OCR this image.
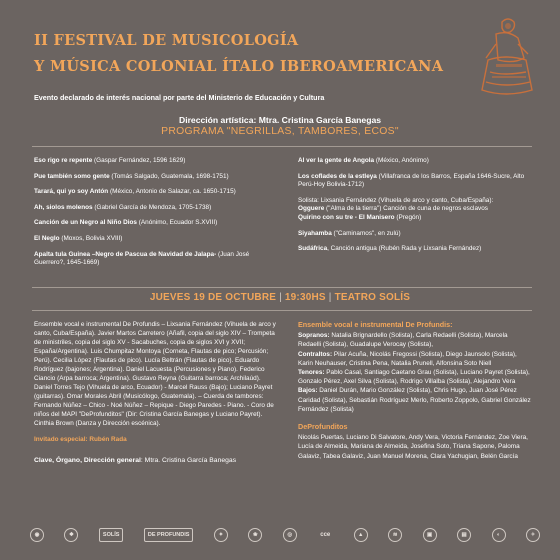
II FESTIVAL DE MUSICOLOGÍA
Y MÚSICA COLONIAL ÍTALO IBEROAMERICANA
Evento declarado de interés nacional por parte del Ministerio de Educación y Cultura
Dirección artística: Mtra. Cristina García Banegas
PROGRAMA "NEGRILLAS, TAMBORES, ECOS"
Eso rigo re repente (Gaspar Fernández, 1596 1629)
Pue también somo gente (Tomás Salgado, Guatemala, 1698-1751)
Tarará, qui yo soy Antón (México, Antonio de Salazar, ca. 1650-1715)
Ah, siolos molenos (Gabriel García de Mendoza, 1705-1738)
Canción de un Negro al Niño Dios (Anónimo, Ecuador S.XVIII)
El Neglo (Moxos, Bolivia XVIII)
Apalta tula Guinea –Negro de Pascua de Navidad de Jalapa- (Juan José Guerrero?, 1645-1669)
Al ver la gente de Angola (México, Anónimo)
Los coflades de la estleya (Villafranca de los Barros, España 1646-Sucre, Alto Perú-Hoy Bolivia-1712)
Solista: Lixsania Fernández (Vihuela de arco y canto, Cuba/España):
Ogguere ("Alma de la tierra") Canción de cuna de negros esclavos
Quirino con su tre - El Manisero (Pregón)
Siyahamba ("Caminamos", en zulú)
Sudáfrica, Canción antigua (Rubén Rada y Lixsania Fernández)
JUEVES 19 DE OCTUBRE | 19:30HS | TEATRO SOLÍS
Ensemble vocal e instrumental De Profundis – Lixsania Fernández (Vihuela de arco y canto, Cuba/España). Javier Martos Carretero (Añafil, copia del siglo XIV – Trompeta de ministriles, copia del siglo XV - Sacabuches, copia de siglos XVI y XVII; España/Argentina). Luis Chumpitaz Montoya (Corneta, Flautas de pico; Percusión; Perú). Cecilia López (Flautas de pico). Lucía Beltrán (Flautas de pico). Eduardo Rodríguez (bajones; Argentina). Daniel Lacuesta (Percusiones y Piano). Federico Ciancio (Arpa barroca; Argentina). Gustavo Reyna (Guitarra barroca; Archilaúd). Daniel Torres Tejo (Vihuela de arco, Ecuador) - Marcel Rauss (Bajo); Luciano Payret (guitarras). Omar Morales Abril (Musicólogo, Guatemala). – Cuerda de tambores: Fernando Núñez – Chico - Noé Núñez – Repique - Diego Paredes - Piano. - Coro de niños del MAPI "DeProfunditos" (Dir: Cristina García Banegas y Luciano Payret). Cinthia Brown (Danza y Dirección escénica).
Invitado especial: Rubén Rada
Clave, Órgano, Dirección general: Mtra. Cristina García Banegas
Ensemble vocal e instrumental De Profundis:
Sopranos: Natalia Brignardello (Solista), Carla Redaelli (Solista), Marcela Redaelli (Solista), Guadalupe Verocay (Solista),
Contraltos: Pilar Acuña, Nicolás Fregossi (Solista), Diego Jaunsolo (Solista), Karin Neuhauser, Cristina Pena, Natalia Prunell, Alfonsina Soto Niell
Tenores: Pablo Casal, Santiago Caetano Grau (Solista), Luciano Payret (Solista), Gonzalo Pérez, Axel Silva (Solista), Rodrigo Villalba (Solista), Alejandro Vera
Bajos: Daniel Durán, Mario González (Solista), Chris Hugo, Juan José Pérez Caridad (Solista), Sebastián Rodríguez Merlo, Roberto Zoppolo, Gabriel González Fernández (Solista)
DeProfunditos
Nicolás Puertas, Luciano Di Salvatore, Andy Vera, Victoria Fernández, Zoe Viera, Lucía de Almeida, Mariana de Almeida, Josefina Soto, Triana Sapone, Paloma Galaviz, Tabea Galaviz, Juan Manuel Morena, Clara Yachugian, Belén García
◉	❖	SOLÍS	DE PROFUNDIS	✦	❀	◎	cce	▲	≋	▣	▤	◐	✧
